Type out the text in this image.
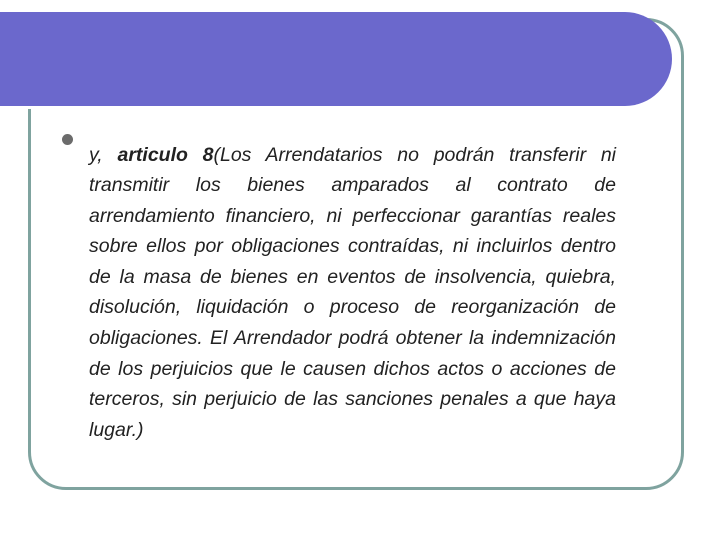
y, articulo 8(Los Arrendatarios no podrán transferir ni transmitir los bienes amparados al contrato de arrendamiento financiero, ni perfeccionar garantías reales sobre ellos por obligaciones contraídas, ni incluirlos dentro de la masa de bienes en eventos de insolvencia, quiebra, disolución, liquidación o proceso de reorganización de obligaciones. El Arrendador podrá obtener la indemnización de los perjuicios que le causen dichos actos o acciones de terceros, sin perjuicio de las sanciones penales a que haya lugar.)
